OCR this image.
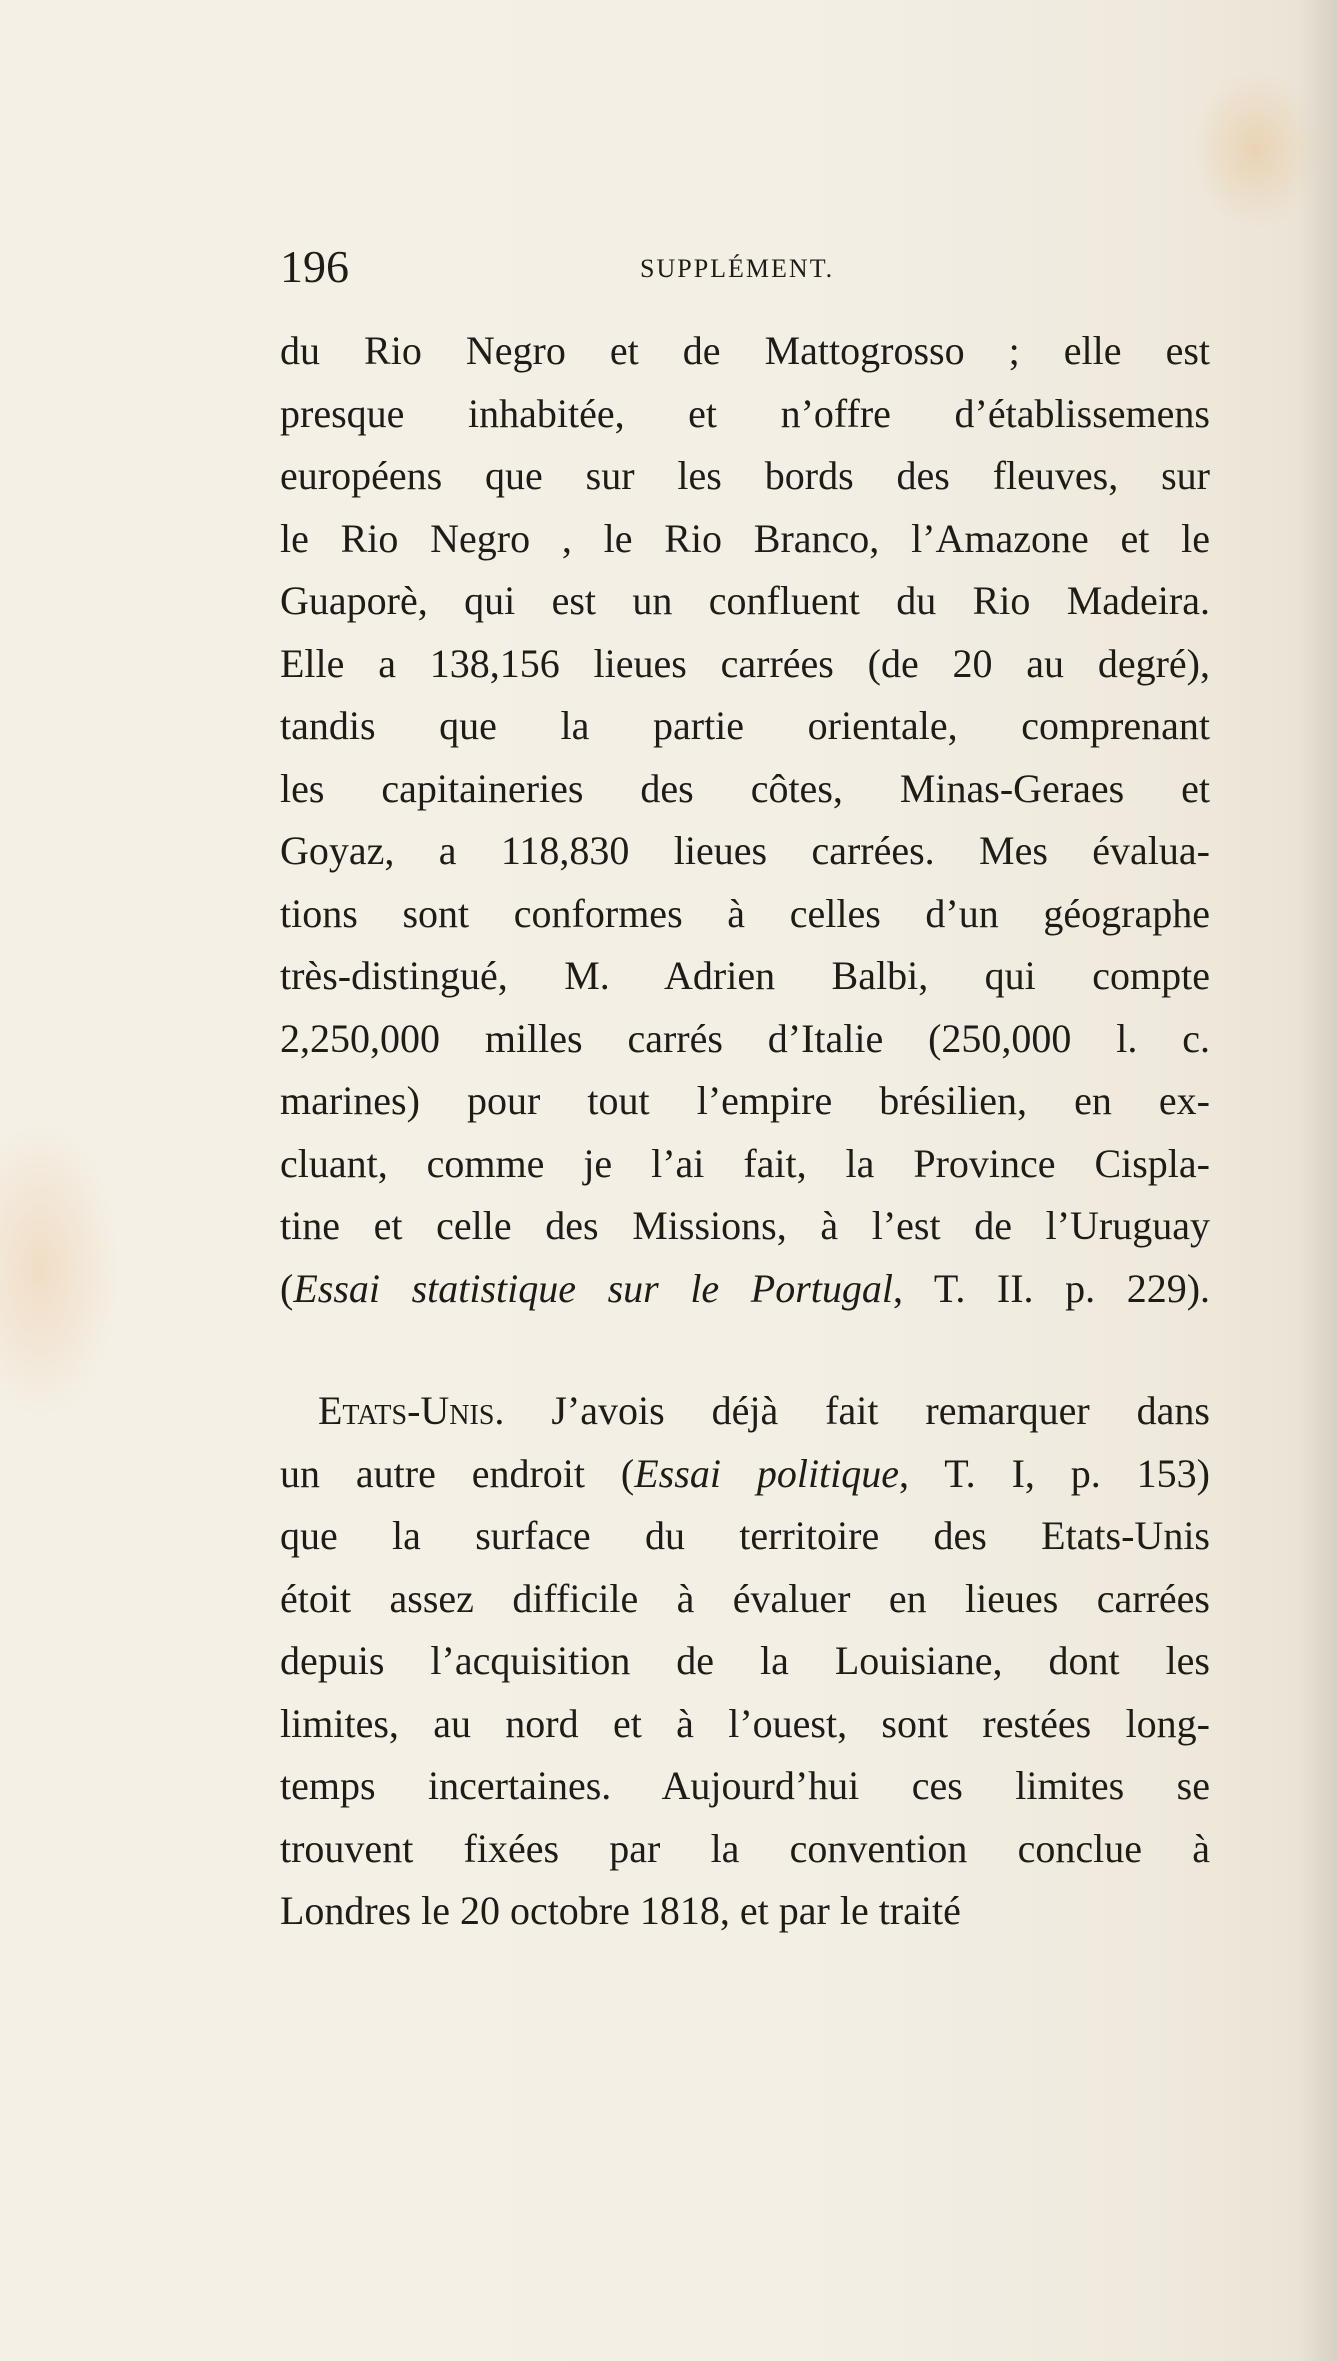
196	SUPPLÉMENT.
du Rio Negro et de Mattogrosso ; elle est
presque inhabitée, et n’offre d’établissemens
européens que sur les bords des fleuves, sur
le Rio Negro , le Rio Branco, l’Amazone et le
Guaporè, qui est un confluent du Rio Madeira.
Elle a 138,156 lieues carrées (de 20 au degré),
tandis que la partie orientale, comprenant
les capitaineries des côtes, Minas-Geraes et
Goyaz, a 118,830 lieues carrées. Mes évalua-
tions sont conformes à celles d’un géographe
très-distingué, M. Adrien Balbi, qui compte
2,250,000 milles carrés d’Italie (250,000 l. c.
marines) pour tout l’empire brésilien, en ex-
cluant, comme je l’ai fait, la Province Cispla-
tine et celle des Missions, à l’est de l’Uruguay
(Essai statistique sur le Portugal, T. II. p. 229).
Etats-Unis. J’avois déjà fait remarquer dans
un autre endroit (Essai politique, T. I, p. 153)
que la surface du territoire des Etats-Unis
étoit assez difficile à évaluer en lieues carrées
depuis l’acquisition de la Louisiane, dont les
limites, au nord et à l’ouest, sont restées long-
temps incertaines. Aujourd’hui ces limites se
trouvent fixées par la convention conclue à
Londres le 20 octobre 1818, et par le traité
